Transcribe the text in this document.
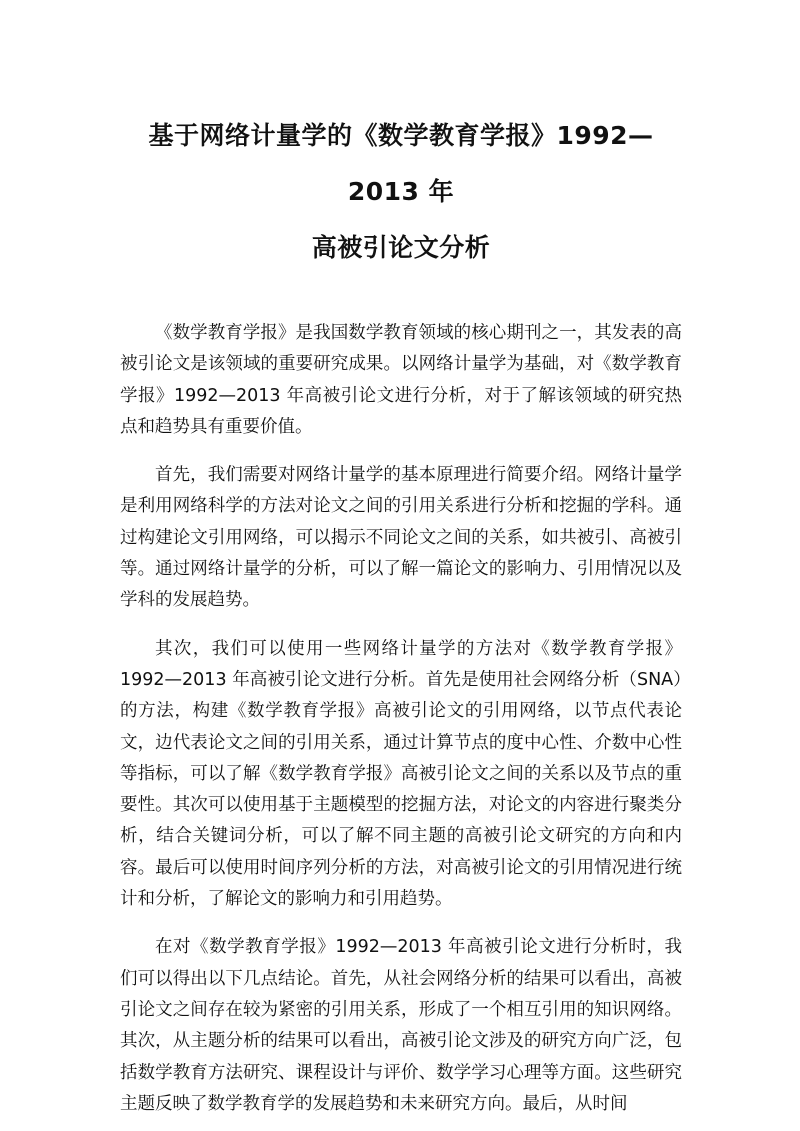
基于网络计量学的《数学教育学报》1992—2013 年
高被引论文分析

《数学教育学报》是我国数学教育领域的核心期刊之一，其发表的高被引论文是该领域的重要研究成果。以网络计量学为基础，对《数学教育学报》1992—2013 年高被引论文进行分析，对于了解该领域的研究热点和趋势具有重要价值。

首先，我们需要对网络计量学的基本原理进行简要介绍。网络计量学是利用网络科学的方法对论文之间的引用关系进行分析和挖掘的学科。通过构建论文引用网络，可以揭示不同论文之间的关系，如共被引、高被引等。通过网络计量学的分析，可以了解一篇论文的影响力、引用情况以及学科的发展趋势。

其次，我们可以使用一些网络计量学的方法对《数学教育学报》1992—2013 年高被引论文进行分析。首先是使用社会网络分析（SNA）的方法，构建《数学教育学报》高被引论文的引用网络，以节点代表论文，边代表论文之间的引用关系，通过计算节点的度中心性、介数中心性等指标，可以了解《数学教育学报》高被引论文之间的关系以及节点的重要性。其次可以使用基于主题模型的挖掘方法，对论文的内容进行聚类分析，结合关键词分析，可以了解不同主题的高被引论文研究的方向和内容。最后可以使用时间序列分析的方法，对高被引论文的引用情况进行统计和分析，了解论文的影响力和引用趋势。

在对《数学教育学报》1992—2013 年高被引论文进行分析时，我们可以得出以下几点结论。首先，从社会网络分析的结果可以看出，高被引论文之间存在较为紧密的引用关系，形成了一个相互引用的知识网络。其次，从主题分析的结果可以看出，高被引论文涉及的研究方向广泛，包括数学教育方法研究、课程设计与评价、数学学习心理等方面。这些研究主题反映了数学教育学的发展趋势和未来研究方向。最后，从时间
